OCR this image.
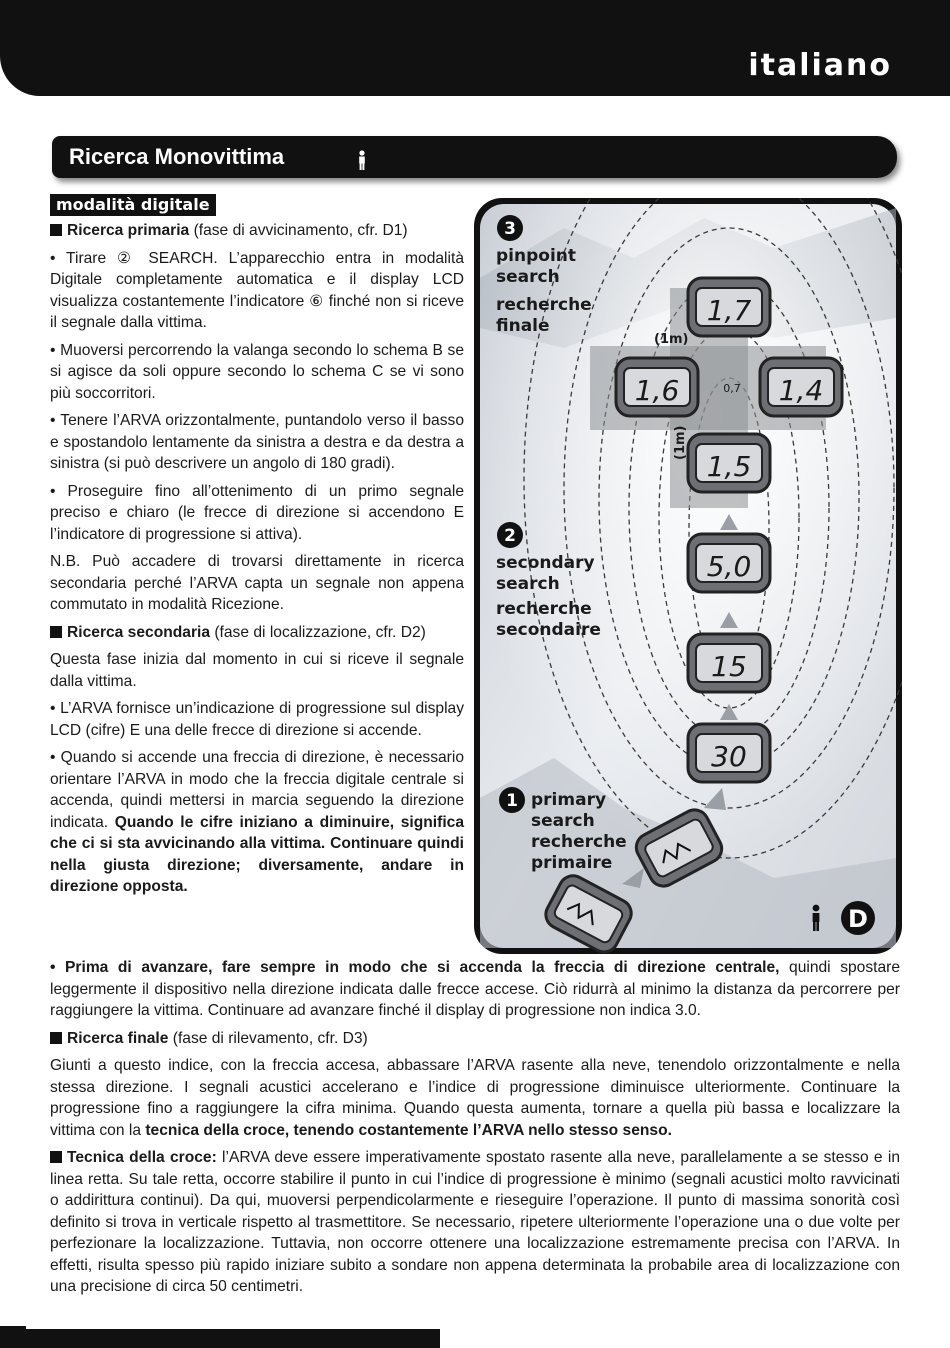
italiano
Ricerca Monovittima
modalità digitale

Ricerca primaria (fase di avvicinamento, cfr. D1)

• Tirare ② SEARCH. L’apparecchio entra in modalità Digitale completamente automatica e il display LCD visualizza costantemente l’indicatore ⑥ finché non si riceve il segnale dalla vittima.

• Muoversi percorrendo la valanga secondo lo schema B se si agisce da soli oppure secondo lo schema C se vi sono più soccorritori.

• Tenere l’ARVA orizzontalmente, puntandolo verso il basso e spostandolo lentamente da sinistra a destra e da destra a sinistra (si può descrivere un angolo di 180 gradi).

• Proseguire fino all’ottenimento di un primo segnale preciso e chiaro (le frecce di direzione si accendono E l’indicatore di progressione si attiva).

N.B. Può accadere di trovarsi direttamente in ricerca secondaria perché l’ARVA capta un segnale non appena commutato in modalità Ricezione.

Ricerca secondaria (fase di localizzazione, cfr. D2)

Questa fase inizia dal momento in cui si riceve il segnale dalla vittima.

• L’ARVA fornisce un’indicazione di progressione sul display LCD (cifre) E una delle frecce di direzione si accende.

• Quando si accende una freccia di direzione, è necessario orientare l’ARVA in modo che la freccia digitale centrale si accenda, quindi mettersi in marcia seguendo la direzione indicata. Quando le cifre iniziano a diminuire, significa che ci si sta avvicinando alla vittima. Continuare quindi nella giusta direzione; diversamente, andare in direzione opposta.

• Prima di avanzare, fare sempre in modo che si accenda la freccia di direzione centrale, quindi spostare leggermente il dispositivo nella direzione indicata dalle frecce accese. Ciò ridurrà al minimo la distanza da percorrere per raggiungere la vittima. Continuare ad avanzare finché il display di progressione non indica 3.0.

Ricerca finale (fase di rilevamento, cfr. D3)

Giunti a questo indice, con la freccia accesa, abbassare l’ARVA rasente alla neve, tenendolo orizzontalmente e nella stessa direzione. I segnali acustici accelerano e l’indice di progressione diminuisce ulteriormente. Continuare la progressione fino a raggiungere la cifra minima. Quando questa aumenta, tornare a quella più bassa e localizzare la vittima con la tecnica della croce, tenendo costantemente l’ARVA nello stesso senso.

Tecnica della croce: l’ARVA deve essere imperativamente spostato rasente alla neve, parallelamente a se stesso e in linea retta. Su tale retta, occorre stabilire il punto in cui l’indice di progressione è minimo (segnali acustici molto ravvicinati o addirittura continui). Da qui, muoversi perpendicolarmente e rieseguire l’operazione. Il punto di massima sonorità così definito si trova in verticale rispetto al trasmettitore. Se necessario, ripetere ulteriormente l’operazione una o due volte per perfezionare la localizzazione. Tuttavia, non occorre ottenere una localizzazione estremamente precisa con l’ARVA. In effetti, risulta spesso più rapido iniziare subito a sondare non appena determinata la probabile area di localizzazione con una precisione di circa 50 centimetri.

3
pinpoint
search
recherche
finale
2
secondary
search
recherche
secondaire
1 primary
search
recherche
primaire
(1m)
(1m)
0,7
1,7
1,6	1,4
1,5
5,0
15
30
D
